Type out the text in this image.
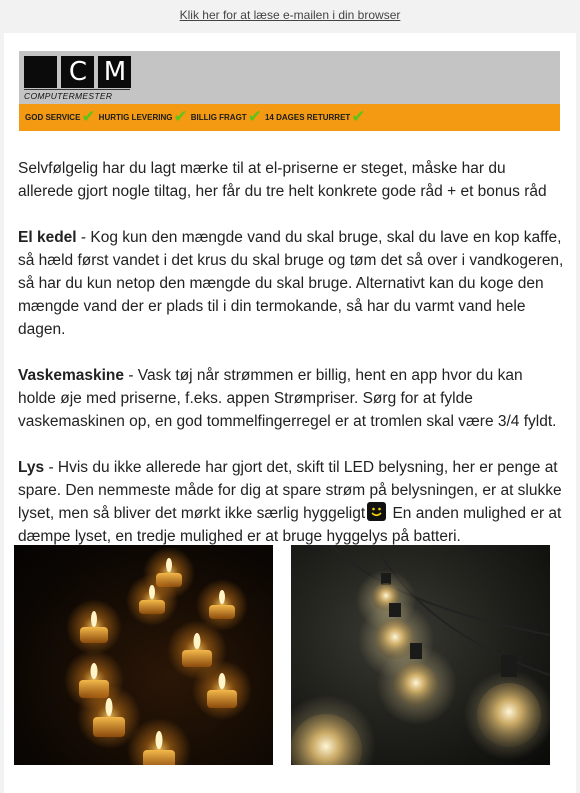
Klik her for at læse e-mailen i din browser
C M
COMPUTERMESTER
GOD SERVICE ✔ HURTIG LEVERING ✔ BILLIG FRAGT ✔ 14 DAGES RETURRET ✔

Selvfølgelig har du lagt mærke til at el-priserne er steget, måske har du allerede gjort nogle tiltag, her får du tre helt konkrete gode råd + et bonus råd

El kedel - Kog kun den mængde vand du skal bruge, skal du lave en kop kaffe, så hæld først vandet i det krus du skal bruge og tøm det så over i vandkogeren, så har du kun netop den mængde du skal bruge. Alternativt kan du koge den mængde vand der er plads til i din termokande, så har du varmt vand hele dagen.

Vaskemaskine - Vask tøj når strømmen er billig, hent en app hvor du kan holde øje med priserne, f.eks. appen Strømpriser. Sørg for at fylde vaskemaskinen op, en god tommelfingerregel er at tromlen skal være 3/4 fyldt.

Lys - Hvis du ikke allerede har gjort det, skift til LED belysning, her er penge at spare. Den nemmeste måde for dig at spare strøm på belysningen, er at slukke lyset, men så bliver det mørkt ikke særlig hyggeligt
En anden mulighed er at dæmpe lyset, en tredje mulighed er at bruge hyggelys på batteri.
